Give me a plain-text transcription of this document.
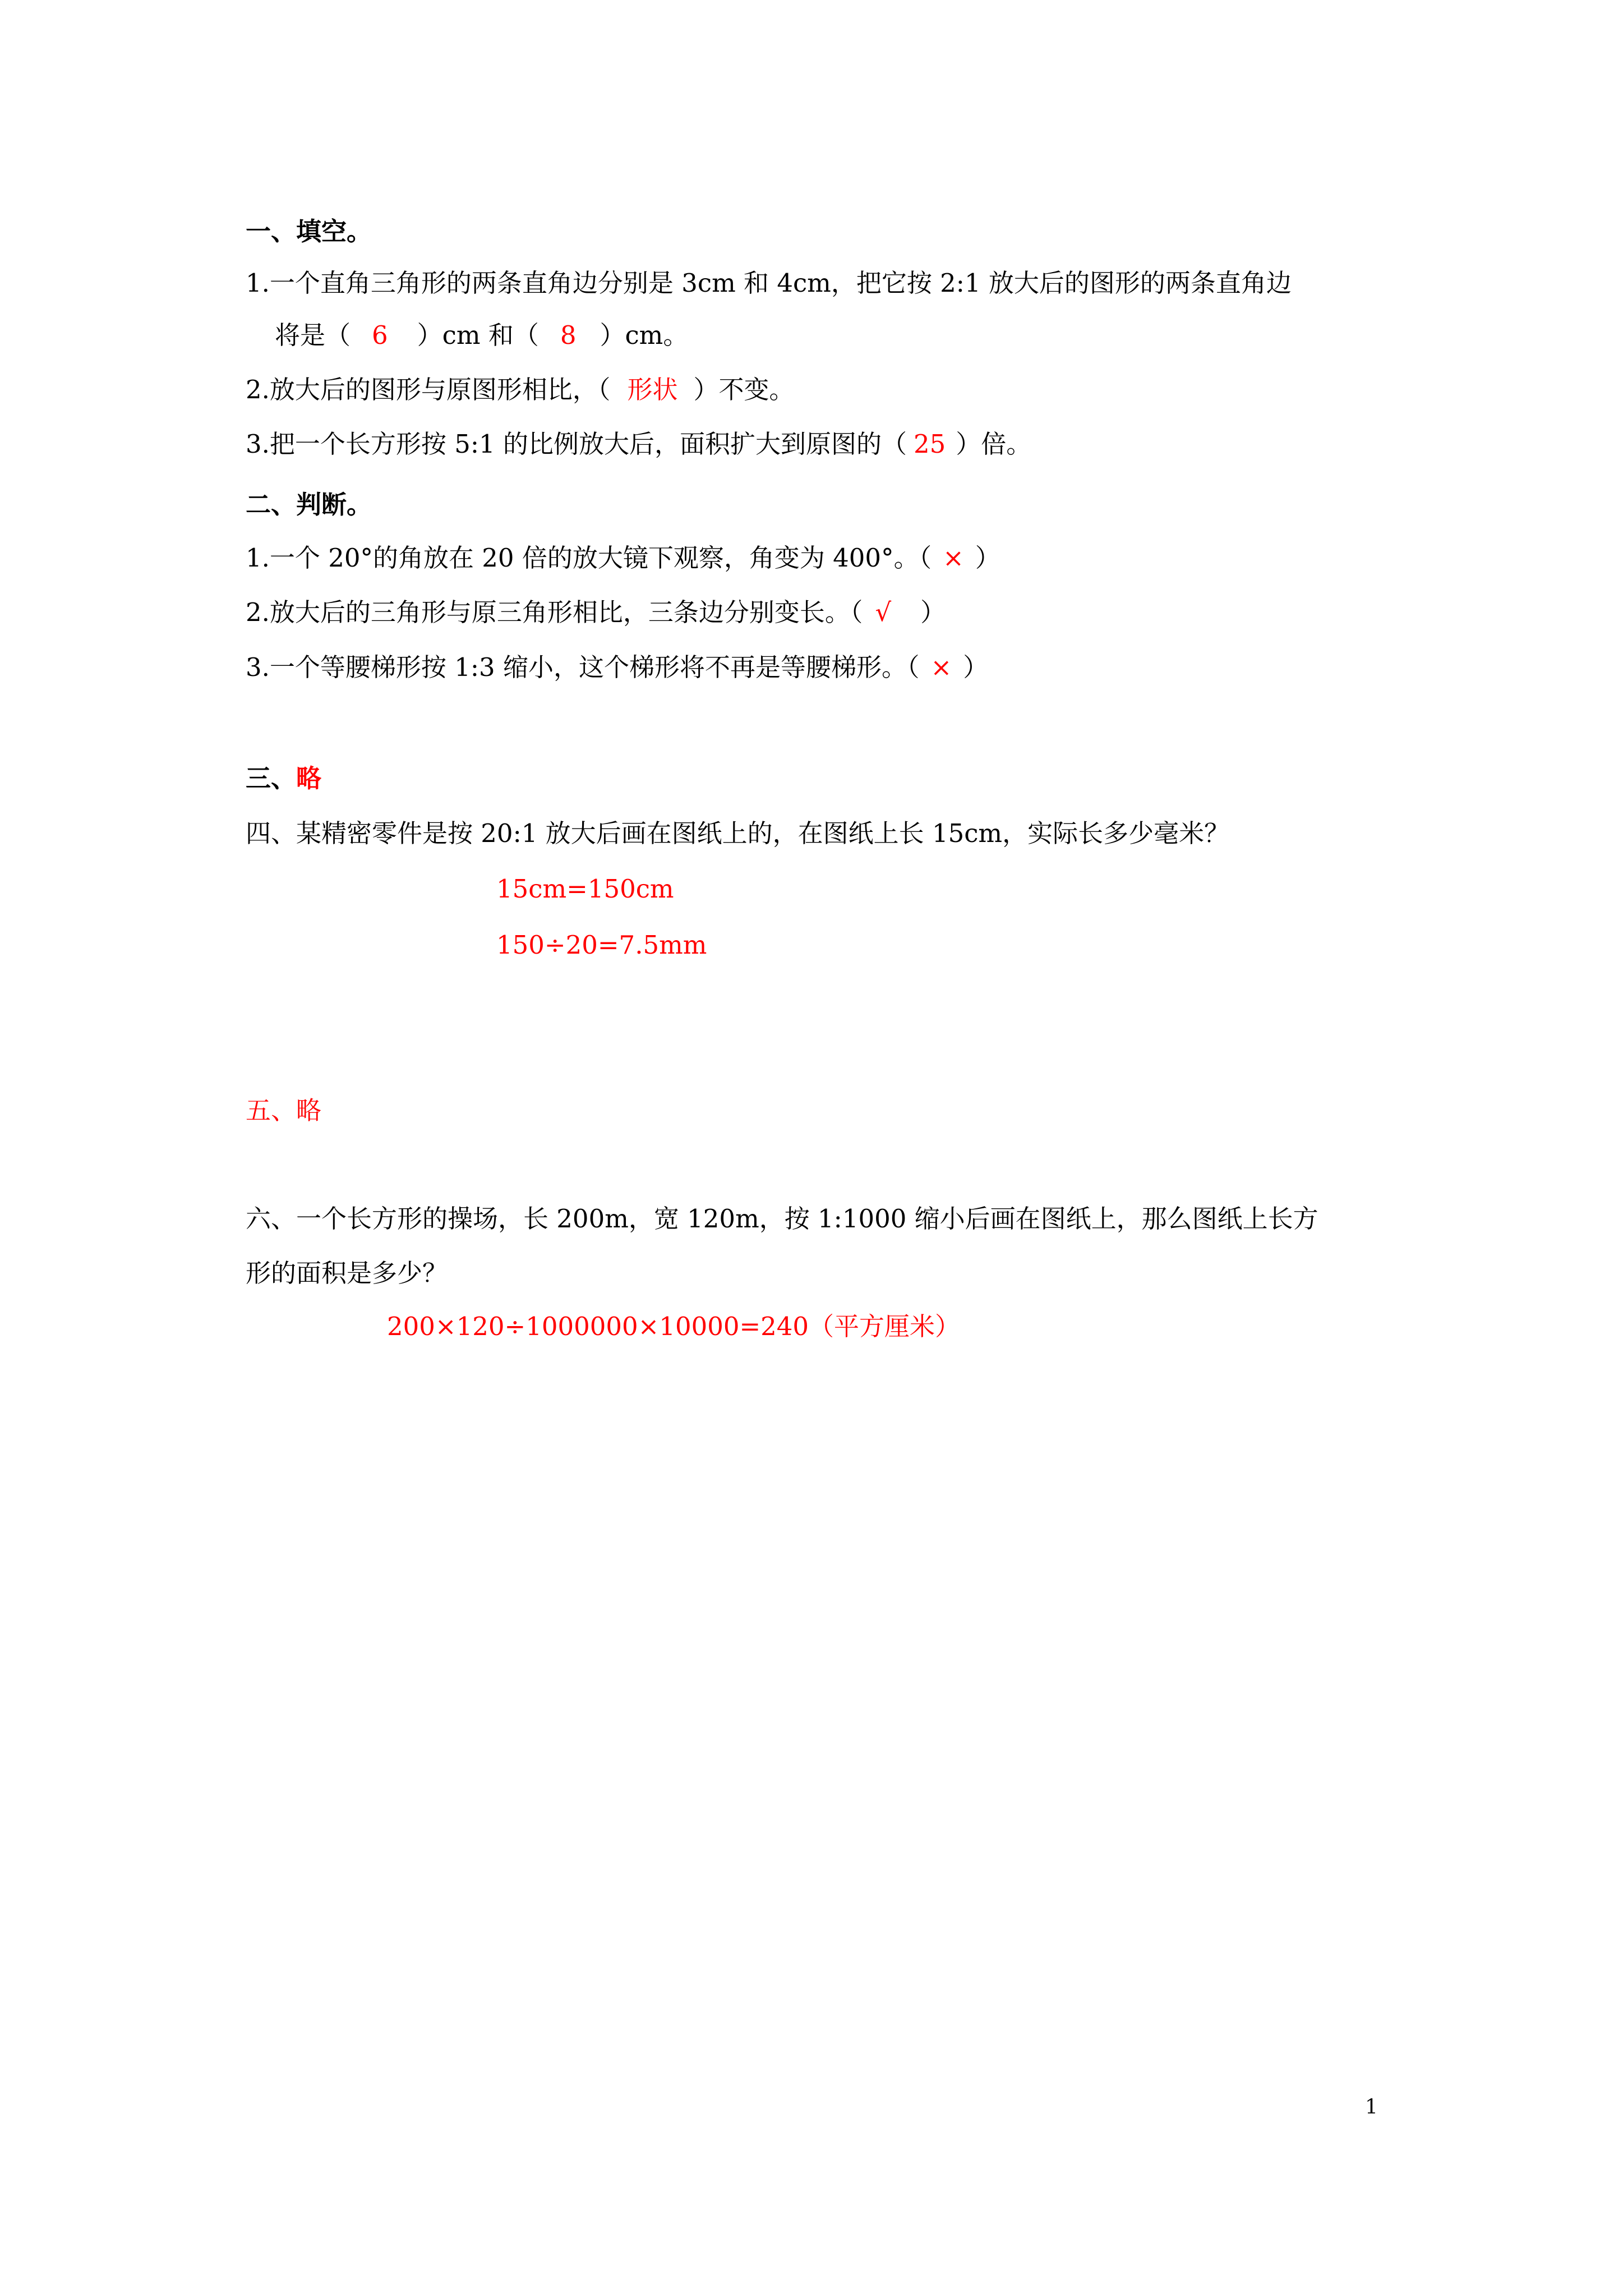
一、填空。
1.一个直角三角形的两条直角边分别是 3cm 和 4cm，把它按 2:1 放大后的图形的两条直角边
将是（ 6 ）cm 和（ 8 ）cm。
2.放大后的图形与原图形相比，（ 形状 ）不变。
3.把一个长方形按 5:1 的比例放大后，面积扩大到原图的（ 25 ）倍。
二、判断。
1.一个 20°的角放在 20 倍的放大镜下观察，角变为 400°。（ × ）
2.放大后的三角形与原三角形相比，三条边分别变长。（ √ ）
3.一个等腰梯形按 1:3 缩小，这个梯形将不再是等腰梯形。（ × ）
三、略
四、某精密零件是按 20:1 放大后画在图纸上的，在图纸上长 15cm，实际长多少毫米？
15cm=150cm
150÷20=7.5mm
五、略
六、一个长方形的操场，长 200m，宽 120m，按 1:1000 缩小后画在图纸上，那么图纸上长方
形的面积是多少？
200×120÷1000000×10000=240（平方厘米）
1
